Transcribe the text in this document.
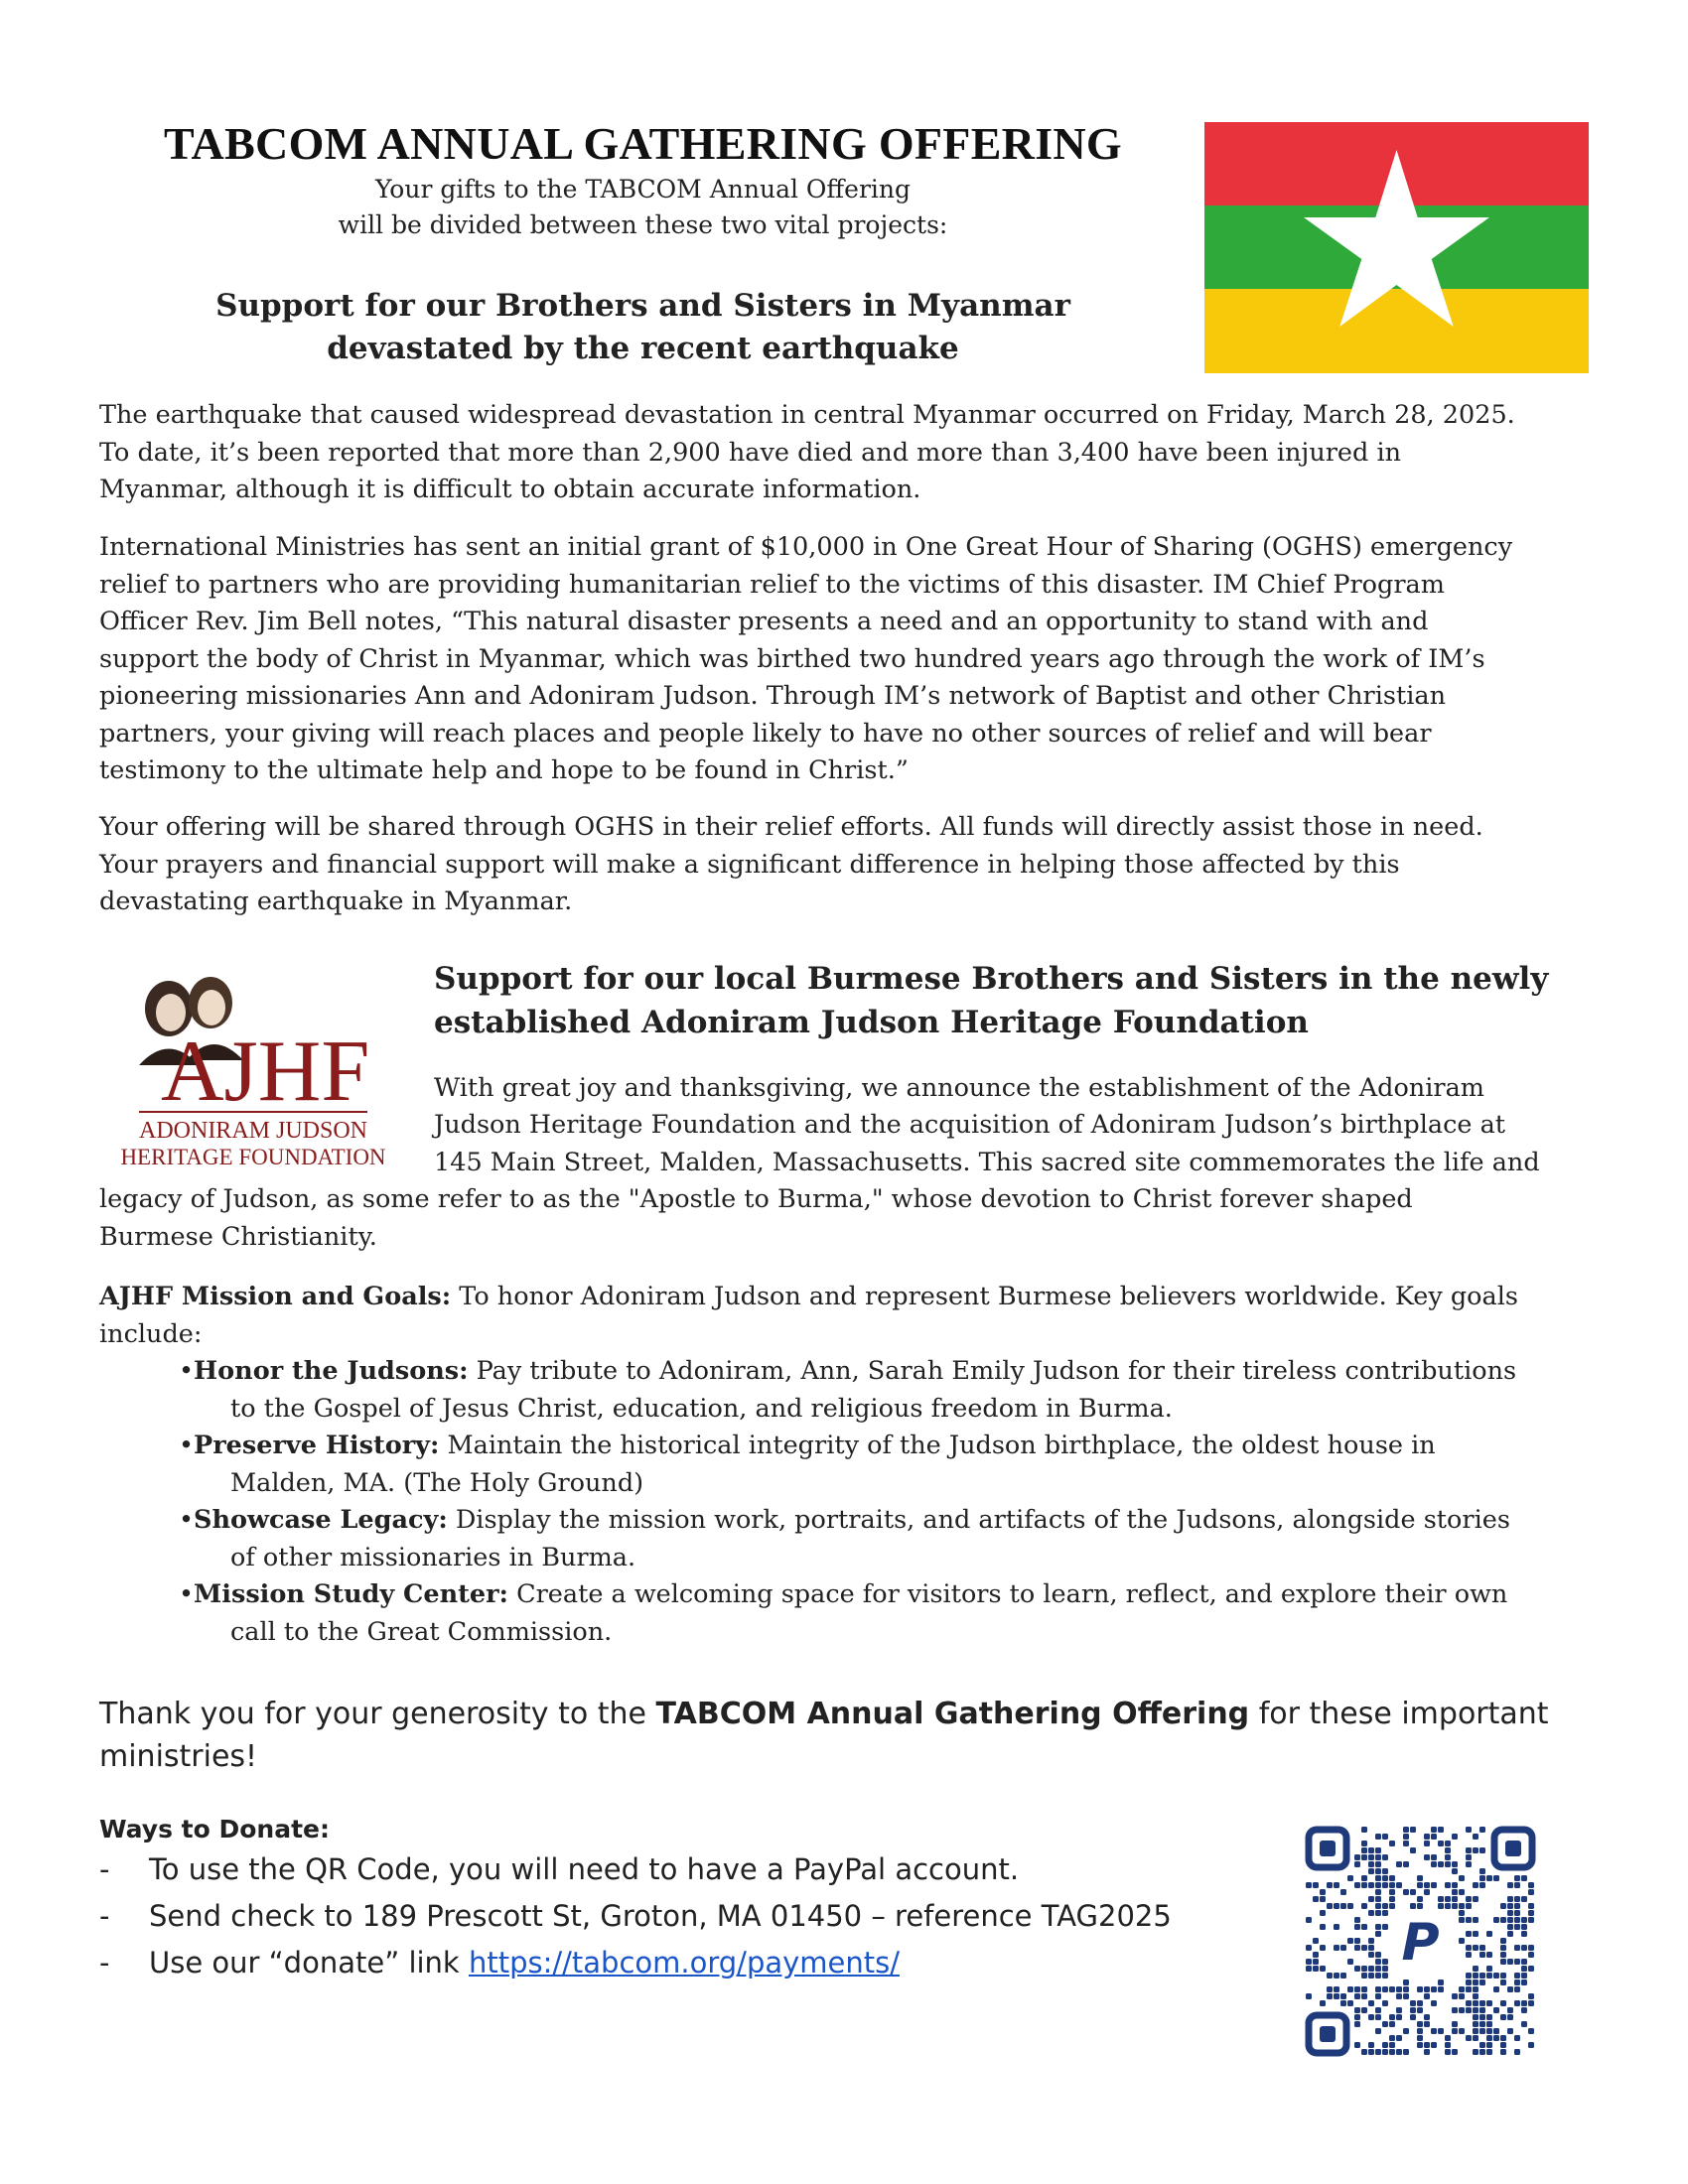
TABCOM ANNUAL GATHERING OFFERING
Your gifts to the TABCOM Annual Offering
will be divided between these two vital projects:
Support for our Brothers and Sisters in Myanmar
devastated by the recent earthquake
The earthquake that caused widespread devastation in central Myanmar occurred on Friday, March 28, 2025.
To date, it’s been reported that more than 2,900 have died and more than 3,400 have been injured in
Myanmar, although it is difficult to obtain accurate information.
International Ministries has sent an initial grant of $10,000 in One Great Hour of Sharing (OGHS) emergency
relief to partners who are providing humanitarian relief to the victims of this disaster. IM Chief Program
Officer Rev. Jim Bell notes, “This natural disaster presents a need and an opportunity to stand with and
support the body of Christ in Myanmar, which was birthed two hundred years ago through the work of IM’s
pioneering missionaries Ann and Adoniram Judson. Through IM’s network of Baptist and other Christian
partners, your giving will reach places and people likely to have no other sources of relief and will bear
testimony to the ultimate help and hope to be found in Christ.”
Your offering will be shared through OGHS in their relief efforts. All funds will directly assist those in need.
Your prayers and financial support will make a significant difference in helping those affected by this
devastating earthquake in Myanmar.
AJHF
ADONIRAM JUDSON
HERITAGE FOUNDATION
Support for our local Burmese Brothers and Sisters in the newly
established Adoniram Judson Heritage Foundation
With great joy and thanksgiving, we announce the establishment of the Adoniram
Judson Heritage Foundation and the acquisition of Adoniram Judson’s birthplace at
145 Main Street, Malden, Massachusetts. This sacred site commemorates the life and
legacy of Judson, as some refer to as the "Apostle to Burma," whose devotion to Christ forever shaped
Burmese Christianity.
AJHF Mission and Goals: To honor Adoniram Judson and represent Burmese believers worldwide. Key goals
include:
•Honor the Judsons: Pay tribute to Adoniram, Ann, Sarah Emily Judson for their tireless contributions
to the Gospel of Jesus Christ, education, and religious freedom in Burma.
•Preserve History: Maintain the historical integrity of the Judson birthplace, the oldest house in
Malden, MA. (The Holy Ground)
•Showcase Legacy: Display the mission work, portraits, and artifacts of the Judsons, alongside stories
of other missionaries in Burma.
•Mission Study Center: Create a welcoming space for visitors to learn, reflect, and explore their own
call to the Great Commission.
Thank you for your generosity to the TABCOM Annual Gathering Offering for these important
ministries!
Ways to Donate:
- To use the QR Code, you will need to have a PayPal account.
- Send check to 189 Prescott St, Groton, MA 01450 – reference TAG2025
- Use our “donate” link https://tabcom.org/payments/	P
